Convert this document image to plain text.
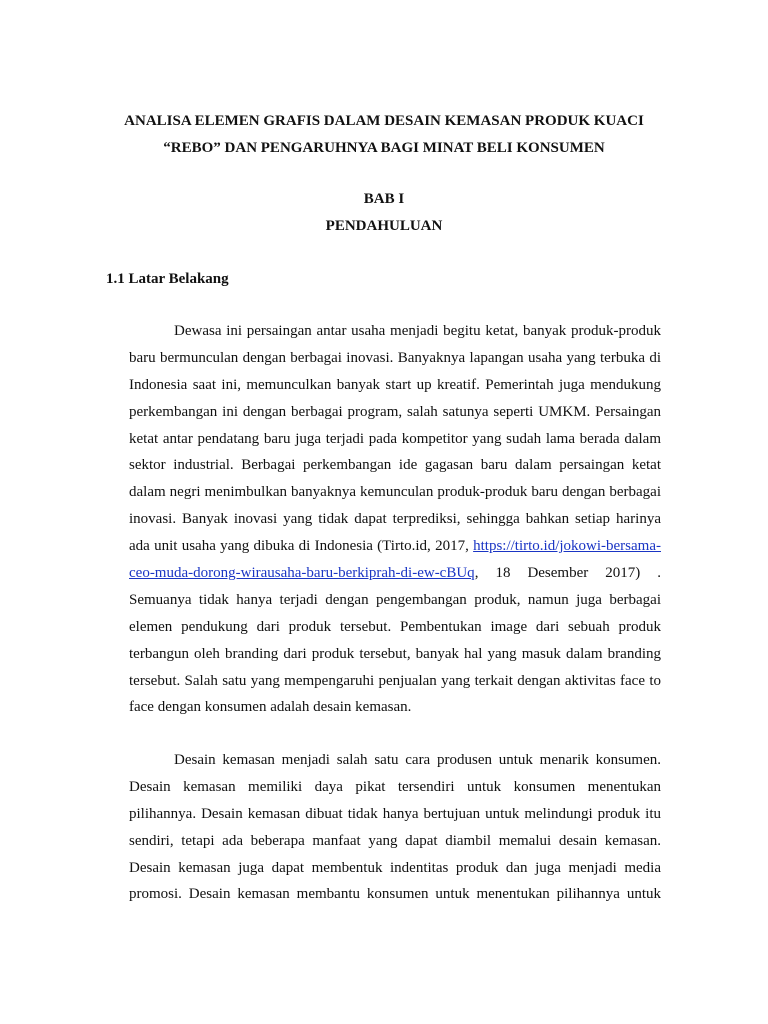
ANALISA ELEMEN GRAFIS DALAM DESAIN KEMASAN PRODUK KUACI
“REBO” DAN PENGARUHNYA BAGI MINAT BELI KONSUMEN
BAB I
PENDAHULUAN
1.1 Latar Belakang
Dewasa ini persaingan antar usaha menjadi begitu ketat, banyak produk-produk
baru bermunculan dengan berbagai inovasi. Banyaknya lapangan usaha yang terbuka di
Indonesia saat ini, memunculkan banyak start up kreatif. Pemerintah juga mendukung
perkembangan ini dengan berbagai program, salah satunya seperti UMKM. Persaingan
ketat antar pendatang baru juga terjadi pada kompetitor yang sudah lama berada dalam
sektor industrial. Berbagai perkembangan ide gagasan baru dalam persaingan ketat
dalam negri menimbulkan banyaknya kemunculan produk-produk baru dengan berbagai
inovasi. Banyak inovasi yang tidak dapat terprediksi, sehingga bahkan setiap harinya
ada unit usaha yang dibuka di Indonesia (Tirto.id, 2017, https://tirto.id/jokowi-bersama-
ceo-muda-dorong-wirausaha-baru-berkiprah-di-ew-cBUq, 18 Desember 2017) .
Semuanya tidak hanya terjadi dengan pengembangan produk, namun juga berbagai
elemen pendukung dari produk tersebut. Pembentukan image dari sebuah produk
terbangun oleh branding dari produk tersebut, banyak hal yang masuk dalam branding
tersebut. Salah satu yang mempengaruhi penjualan yang terkait dengan aktivitas face to
face dengan konsumen adalah desain kemasan.
Desain kemasan menjadi salah satu cara produsen untuk menarik konsumen.
Desain kemasan memiliki daya pikat tersendiri untuk konsumen menentukan
pilihannya. Desain kemasan dibuat tidak hanya bertujuan untuk melindungi produk itu
sendiri, tetapi ada beberapa manfaat yang dapat diambil memalui desain kemasan.
Desain kemasan juga dapat membentuk indentitas produk dan juga menjadi media
promosi. Desain kemasan membantu konsumen untuk menentukan pilihannya untuk
